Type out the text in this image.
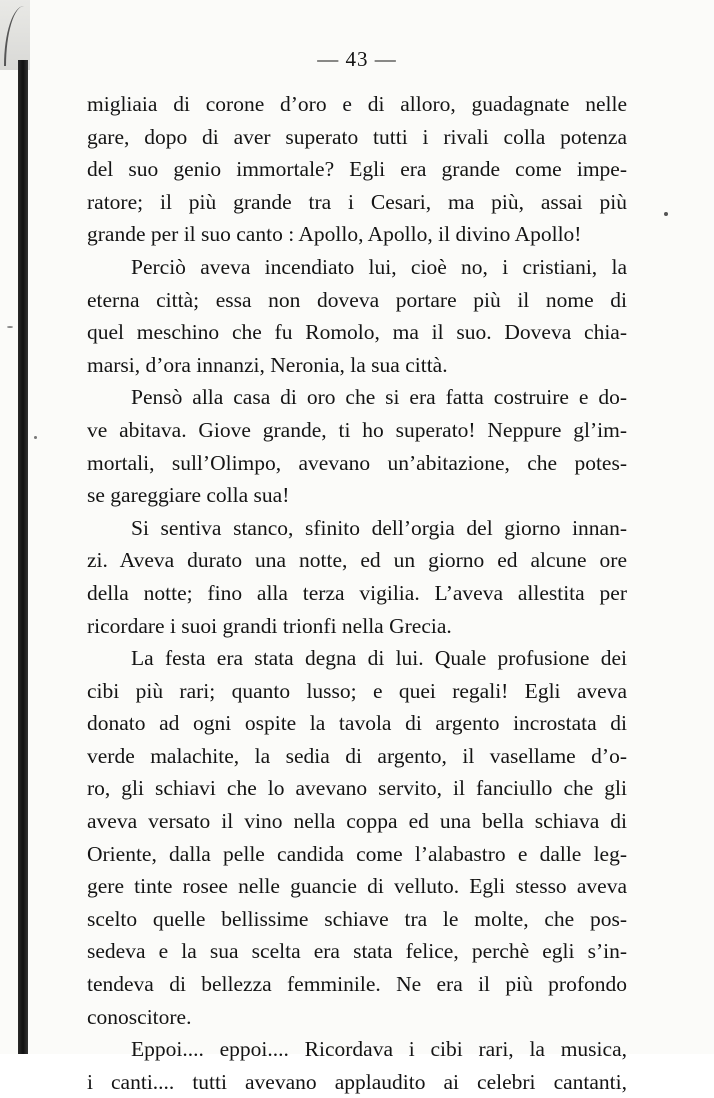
— 43 —
migliaia di corone d’oro e di alloro, guadagnate nelle
gare, dopo di aver superato tutti i rivali colla potenza
del suo genio immortale? Egli era grande come impe-
ratore; il più grande tra i Cesari, ma più, assai più
grande per il suo canto : Apollo, Apollo, il divino Apollo!
Perciò aveva incendiato lui, cioè no, i cristiani, la
eterna città; essa non doveva portare più il nome di
quel meschino che fu Romolo, ma il suo. Doveva chia-
marsi, d’ora innanzi, Neronia, la sua città.
Pensò alla casa di oro che si era fatta costruire e do-
ve abitava. Giove grande, ti ho superato! Neppure gl’im-
mortali, sull’Olimpo, avevano un’abitazione, che potes-
se gareggiare colla sua!
Si sentiva stanco, sfinito dell’orgia del giorno innan-
zi. Aveva durato una notte, ed un giorno ed alcune ore
della notte; fino alla terza vigilia. L’aveva allestita per
ricordare i suoi grandi trionfi nella Grecia.
La festa era stata degna di lui. Quale profusione dei
cibi più rari; quanto lusso; e quei regali! Egli aveva
donato ad ogni ospite la tavola di argento incrostata di
verde malachite, la sedia di argento, il vasellame d’o-
ro, gli schiavi che lo avevano servito, il fanciullo che gli
aveva versato il vino nella coppa ed una bella schiava di
Oriente, dalla pelle candida come l’alabastro e dalle leg-
gere tinte rosee nelle guancie di velluto. Egli stesso aveva
scelto quelle bellissime schiave tra le molte, che pos-
sedeva e la sua scelta era stata felice, perchè egli s’in-
tendeva di bellezza femminile. Ne era il più profondo
conoscitore.
Eppoi.... eppoi.... Ricordava i cibi rari, la musica,
i canti.... tutti avevano applaudito ai celebri cantanti,
